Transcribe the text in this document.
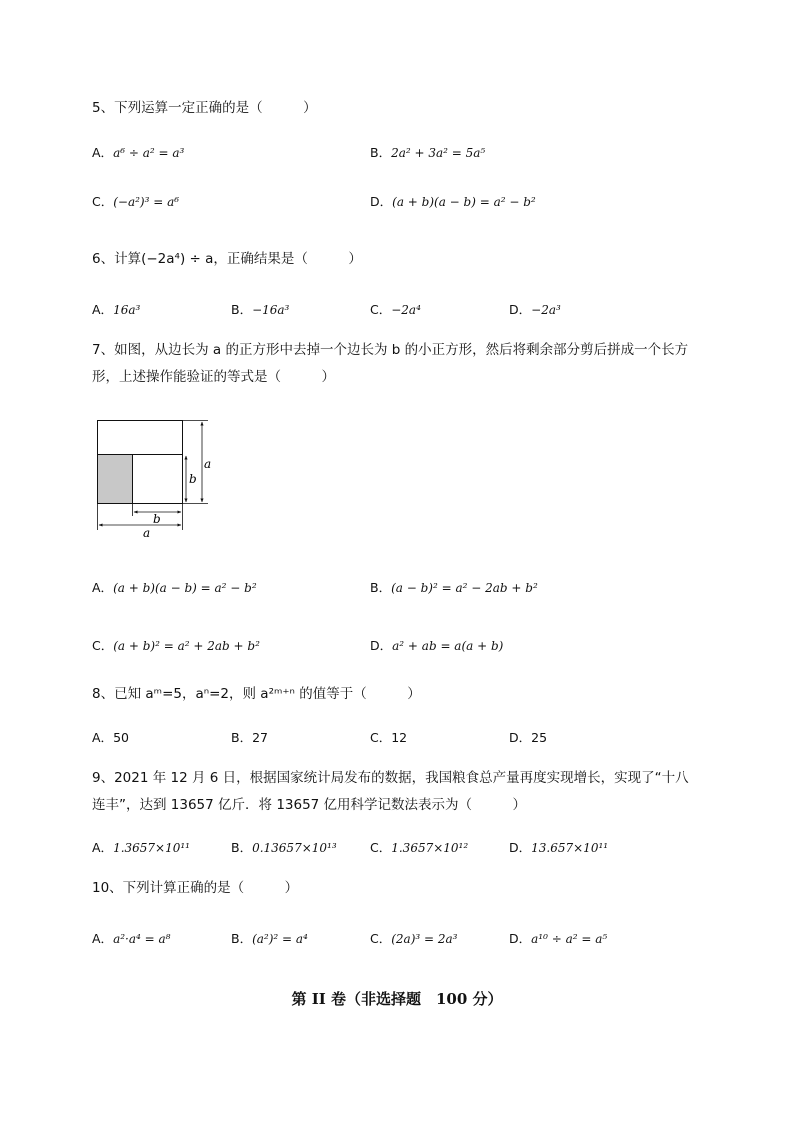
5、下列运算一定正确的是（　　　）
A．a⁶ ÷ a² = a³	B．2a² + 3a² = 5a⁵
C．(−a²)³ = a⁶	D．(a + b)(a − b) = a² − b²
6、计算(−2a⁴) ÷ a，正确结果是（　　　）
A．16a³	B．−16a³	C．−2a⁴	D．−2a³
7、如图，从边长为 a 的正方形中去掉一个边长为 b 的小正方形，然后将剩余部分剪后拼成一个长方
形，上述操作能验证的等式是（　　　）
a
b
b
a
A．(a + b)(a − b) = a² − b²	B．(a − b)² = a² − 2ab + b²
C．(a + b)² = a² + 2ab + b²	D．a² + ab = a(a + b)
8、已知 aᵐ=5，aⁿ=2，则 a²ᵐ⁺ⁿ 的值等于（　　　）
A．50	B．27	C．12	D．25
9、2021 年 12 月 6 日，根据国家统计局发布的数据，我国粮食总产量再度实现增长，实现了“十八
连丰”，达到 13657 亿斤．将 13657 亿用科学记数法表示为（　　　）
A．1.3657×10¹¹	B．0.13657×10¹³	C．1.3657×10¹²	D．13.657×10¹¹
10、下列计算正确的是（　　　）
A．a²·a⁴ = a⁸	B．(a²)² = a⁴	C．(2a)³ = 2a³	D．a¹⁰ ÷ a² = a⁵
第 II 卷（非选择题　100 分）
